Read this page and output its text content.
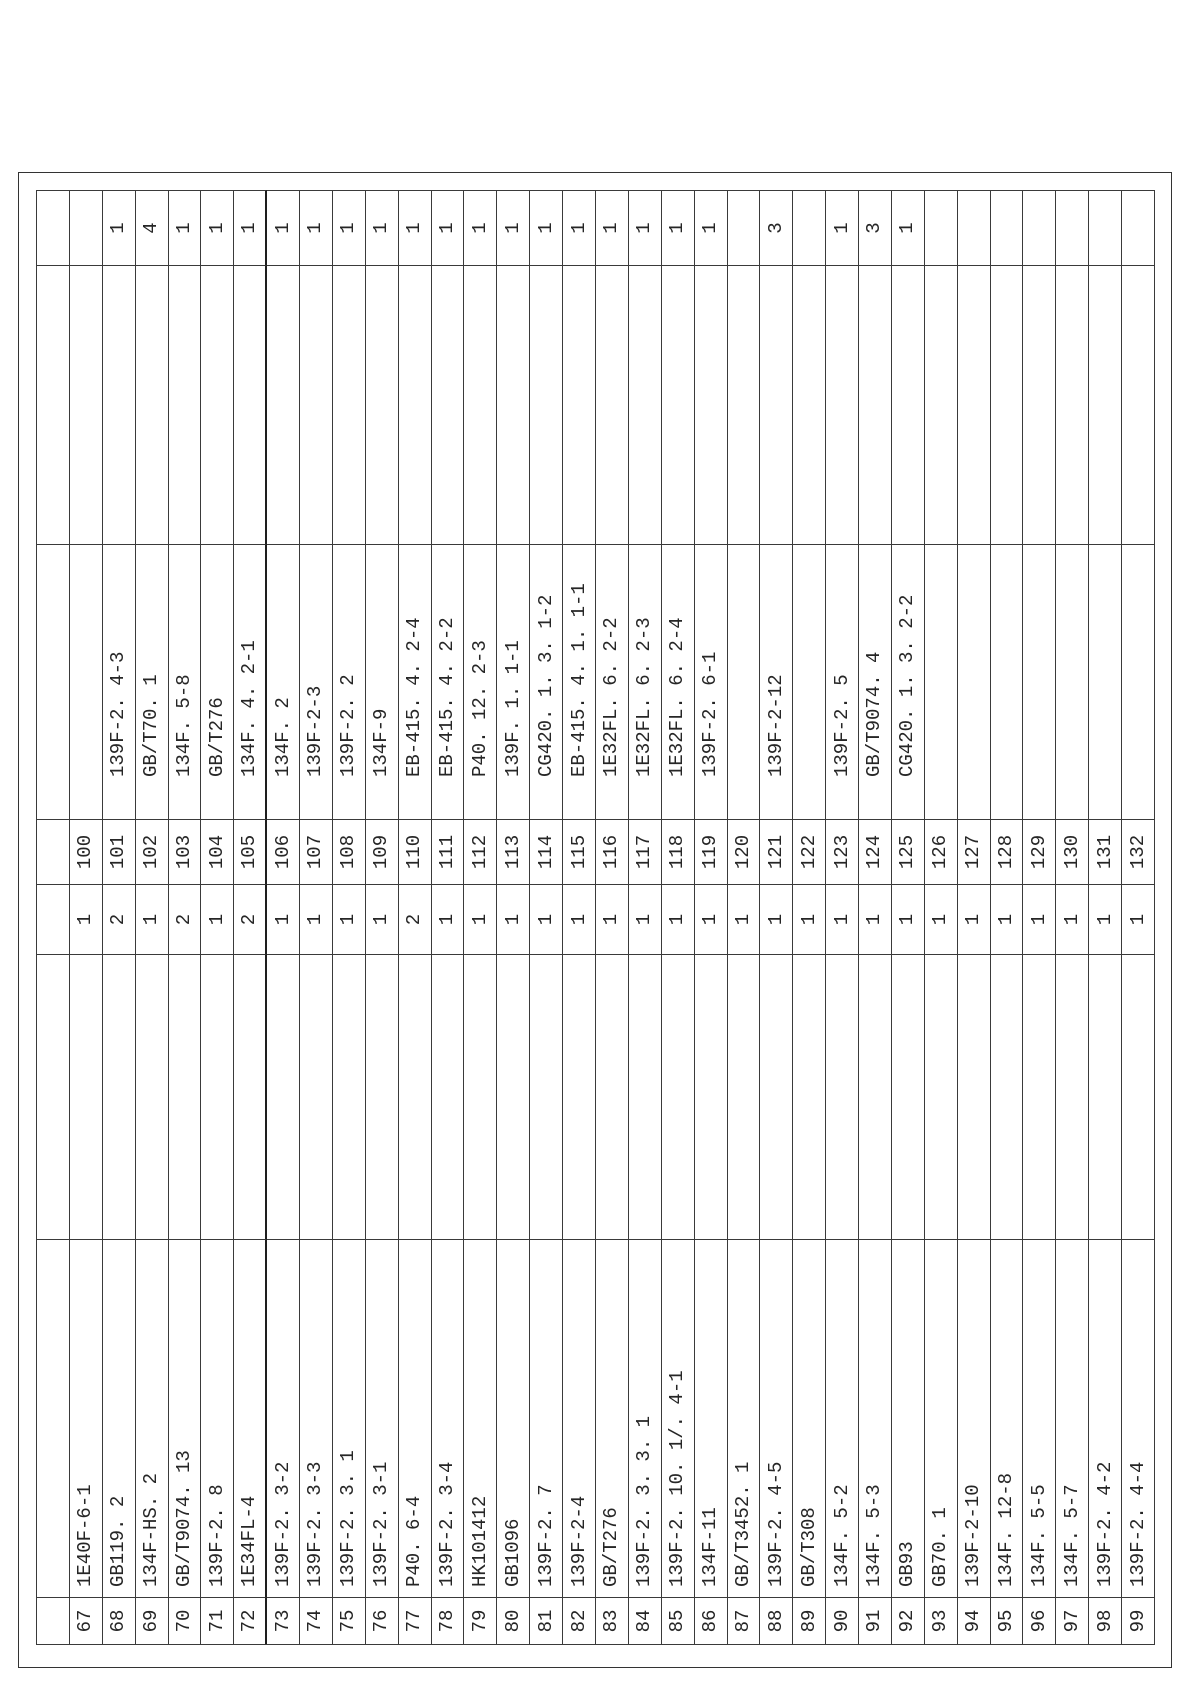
67
1E40F-6-1
1
100
68
GB119. 2
2
101
139F-2. 4-3
1
69
134F-HS. 2
1
102
GB/T70. 1
4
70
GB/T9074. 13
2
103
134F. 5-8
1
71
139F-2. 8
1
104
GB/T276
1
72
1E34FL-4
2
105
134F. 4. 2-1
1
73
139F-2. 3-2
1
106
134F. 2
1
74
139F-2. 3-3
1
107
139F-2-3
1
75
139F-2. 3. 1
1
108
139F-2. 2
1
76
139F-2. 3-1
1
109
134F-9
1
77
P40. 6-4
2
110
EB-415. 4. 2-4
1
78
139F-2. 3-4
1
111
EB-415. 4. 2-2
1
79
HK101412
1
112
P40. 12. 2-3
1
80
GB1096
1
113
139F. 1. 1-1
1
81
139F-2. 7
1
114
CG420. 1. 3. 1-2
1
82
139F-2-4
1
115
EB-415. 4. 1. 1-1
1
83
GB/T276
1
116
1E32FL. 6. 2-2
1
84
139F-2. 3. 3. 1
1
117
1E32FL. 6. 2-3
1
85
139F-2. 10. 1/. 4-1
1
118
1E32FL. 6. 2-4
1
86
134F-11
1
119
139F-2. 6-1
1
87
GB/T3452. 1
1
120
88
139F-2. 4-5
1
121
139F-2-12
3
89
GB/T308
1
122
90
134F. 5-2
1
123
139F-2. 5
1
91
134F. 5-3
1
124
GB/T9074. 4
3
92
GB93
1
125
CG420. 1. 3. 2-2
1
93
GB70. 1
1
126
94
139F-2-10
1
127
95
134F. 12-8
1
128
96
134F. 5-5
1
129
97
134F. 5-7
1
130
98
139F-2. 4-2
1
131
99
139F-2. 4-4
1
132
